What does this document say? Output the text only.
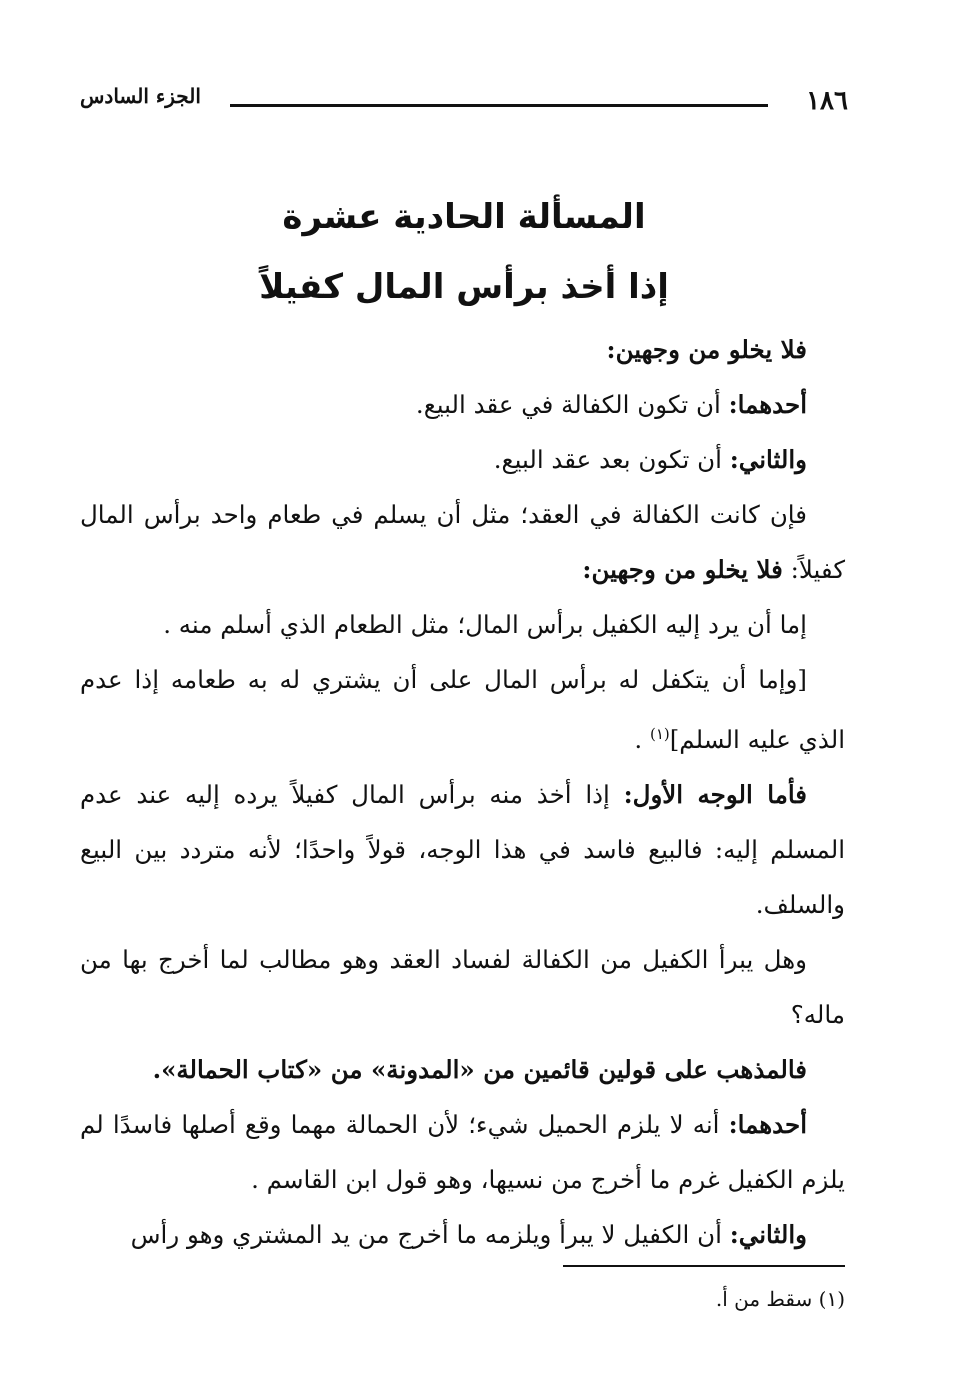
١٨٦
الجزء السادس
المسألة الحادية عشرة
إذا أخذ برأس المال كفيلاً

فلا يخلو من وجهين:

أحدهما: أن تكون الكفالة في عقد البيع.

والثاني: أن تكون بعد عقد البيع.

فإن كانت الكفالة في العقد؛ مثل أن يسلم في طعام واحد برأس المال كفيلاً: فلا يخلو من وجهين:

إما أن يرد إليه الكفيل برأس المال؛ مثل الطعام الذي أسلم منه .

[وإما أن يتكفل له برأس المال على أن يشتري له به طعامه إذا عدم الذي عليه السلم]$^{(١)}$ .

فأما الوجه الأول: إذا أخذ منه برأس المال كفيلاً يرده إليه عند عدم المسلم إليه: فالبيع فاسد في هذا الوجه، قولاً واحدًا؛ لأنه متردد بين البيع والسلف.

وهل يبرأ الكفيل من الكفالة لفساد العقد وهو مطالب لما أخرج بها من ماله؟

فالمذهب على قولين قائمين من «المدونة» من «كتاب الحمالة».

أحدهما: أنه لا يلزم الحميل شيء؛ لأن الحمالة مهما وقع أصلها فاسدًا لم يلزم الكفيل غرم ما أخرج من نسيها، وهو قول ابن القاسم .

والثاني: أن الكفيل لا يبرأ ويلزمه ما أخرج من يد المشتري وهو رأس

(١) سقط من أ.
